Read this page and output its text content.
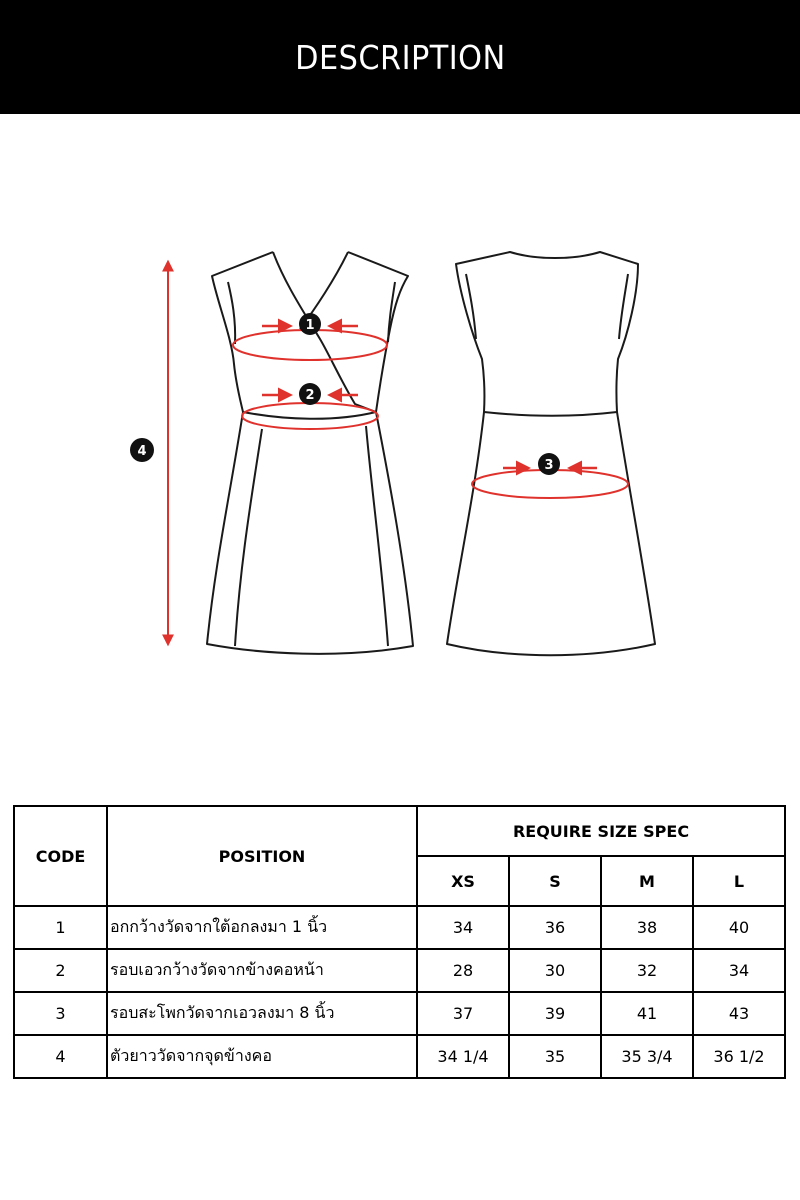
DESCRIPTION
1
2
3
4
CODE	POSITION	REQUIRE SIZE SPEC			
		XS	S	M	L
1	อกกว้างวัดจากใต้อกลงมา 1 นิ้ว	34	36	38	40
2	รอบเอวกว้างวัดจากข้างคอหน้า	28	30	32	34
3	รอบสะโพกวัดจากเอวลงมา 8 นิ้ว	37	39	41	43
4	ตัวยาววัดจากจุดข้างคอ	34 1/4	35	35 3/4	36 1/2
